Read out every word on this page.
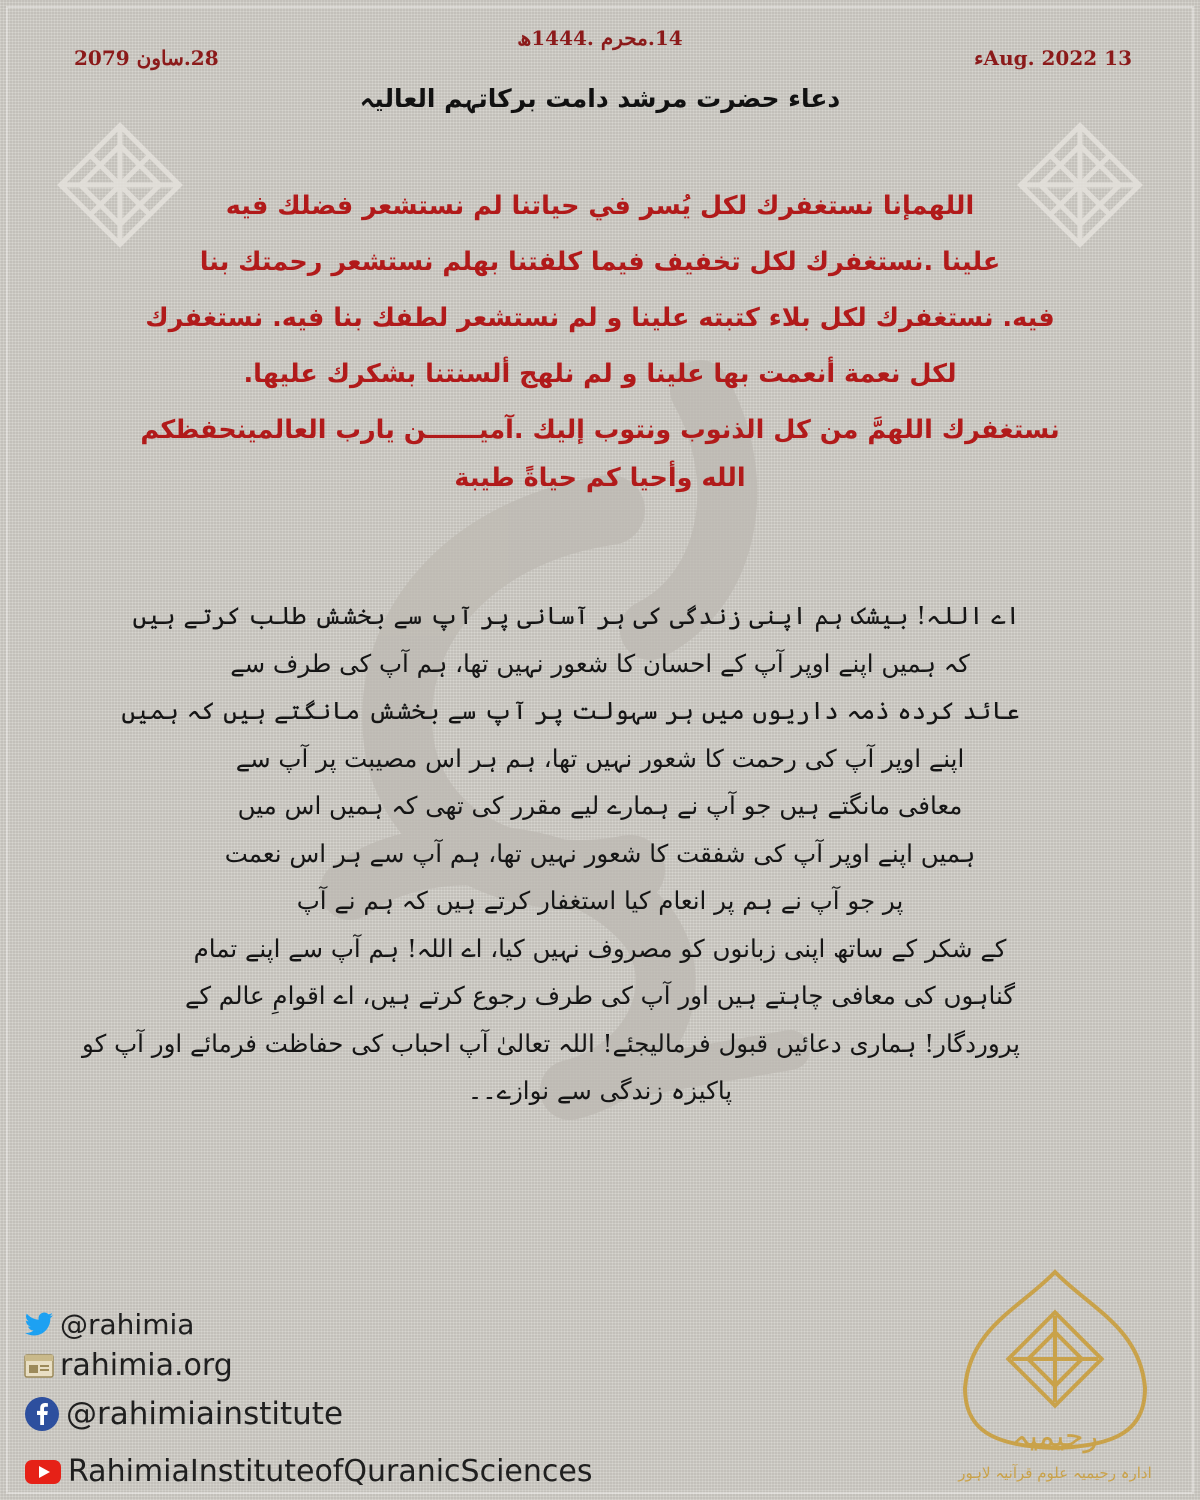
28.ساون 2079
14.محرم .1444ھ
13 Aug. 2022ء
دعاء حضرت مرشد دامت برکاتہم العالیہ
اللهمإنا نستغفرك لكل يُسر في حياتنا لم نستشعر فضلك فيه
علينا .نستغفرك لكل تخفيف فيما كلفتنا بهلم نستشعر رحمتك بنا
فيه. نستغفرك لكل بلاء كتبته علينا و لم نستشعر لطفك بنا فيه. نستغفرك
لكل نعمة أنعمت بها علينا و لم نلهج ألسنتنا بشكرك عليها.
نستغفرك اللهمَّ من كل الذنوب ونتوب إليك .آميــــــن يارب العالمينحفظكم
الله وأحيا كم حياةً طيبة
اے اللہ! بیشک ہم اپنی زندگی کی ہر آسانی پر آپ سے بخشش طلب کرتے ہیں
کہ ہمیں اپنے اوپر آپ کے احسان کا شعور نہیں تھا، ہم آپ کی طرف سے
عائد کردہ ذمہ داریوں میں ہر سہولت پر آپ سے بخشش مانگتے ہیں کہ ہمیں
اپنے اوپر آپ کی رحمت کا شعور نہیں تھا، ہم ہر اس مصیبت پر آپ سے
معافی مانگتے ہیں جو آپ نے ہمارے لیے مقرر کی تھی کہ ہمیں اس میں
ہمیں اپنے اوپر آپ کی شفقت کا شعور نہیں تھا، ہم آپ سے ہر اس نعمت
پر جو آپ نے ہم پر انعام کیا استغفار کرتے ہیں کہ ہم نے آپ
کے شکر کے ساتھ اپنی زبانوں کو مصروف نہیں کیا، اے اللہ! ہم آپ سے اپنے تمام
گناہوں کی معافی چاہتے ہیں اور آپ کی طرف رجوع کرتے ہیں، اے اقوامِ عالم کے
پروردگار! ہماری دعائیں قبول فرمالیجئے! اللہ تعالیٰ آپ احباب کی حفاظت فرمائے اور آپ کو
پاکیزہ زندگی سے نوازے۔۔
@rahimia
rahimia.org
@rahimiainstitute
RahimiaInstituteofQuranicSciences
رحیمیہ
ادارہ رحیمیہ علوم قرآنیہ لاہور
